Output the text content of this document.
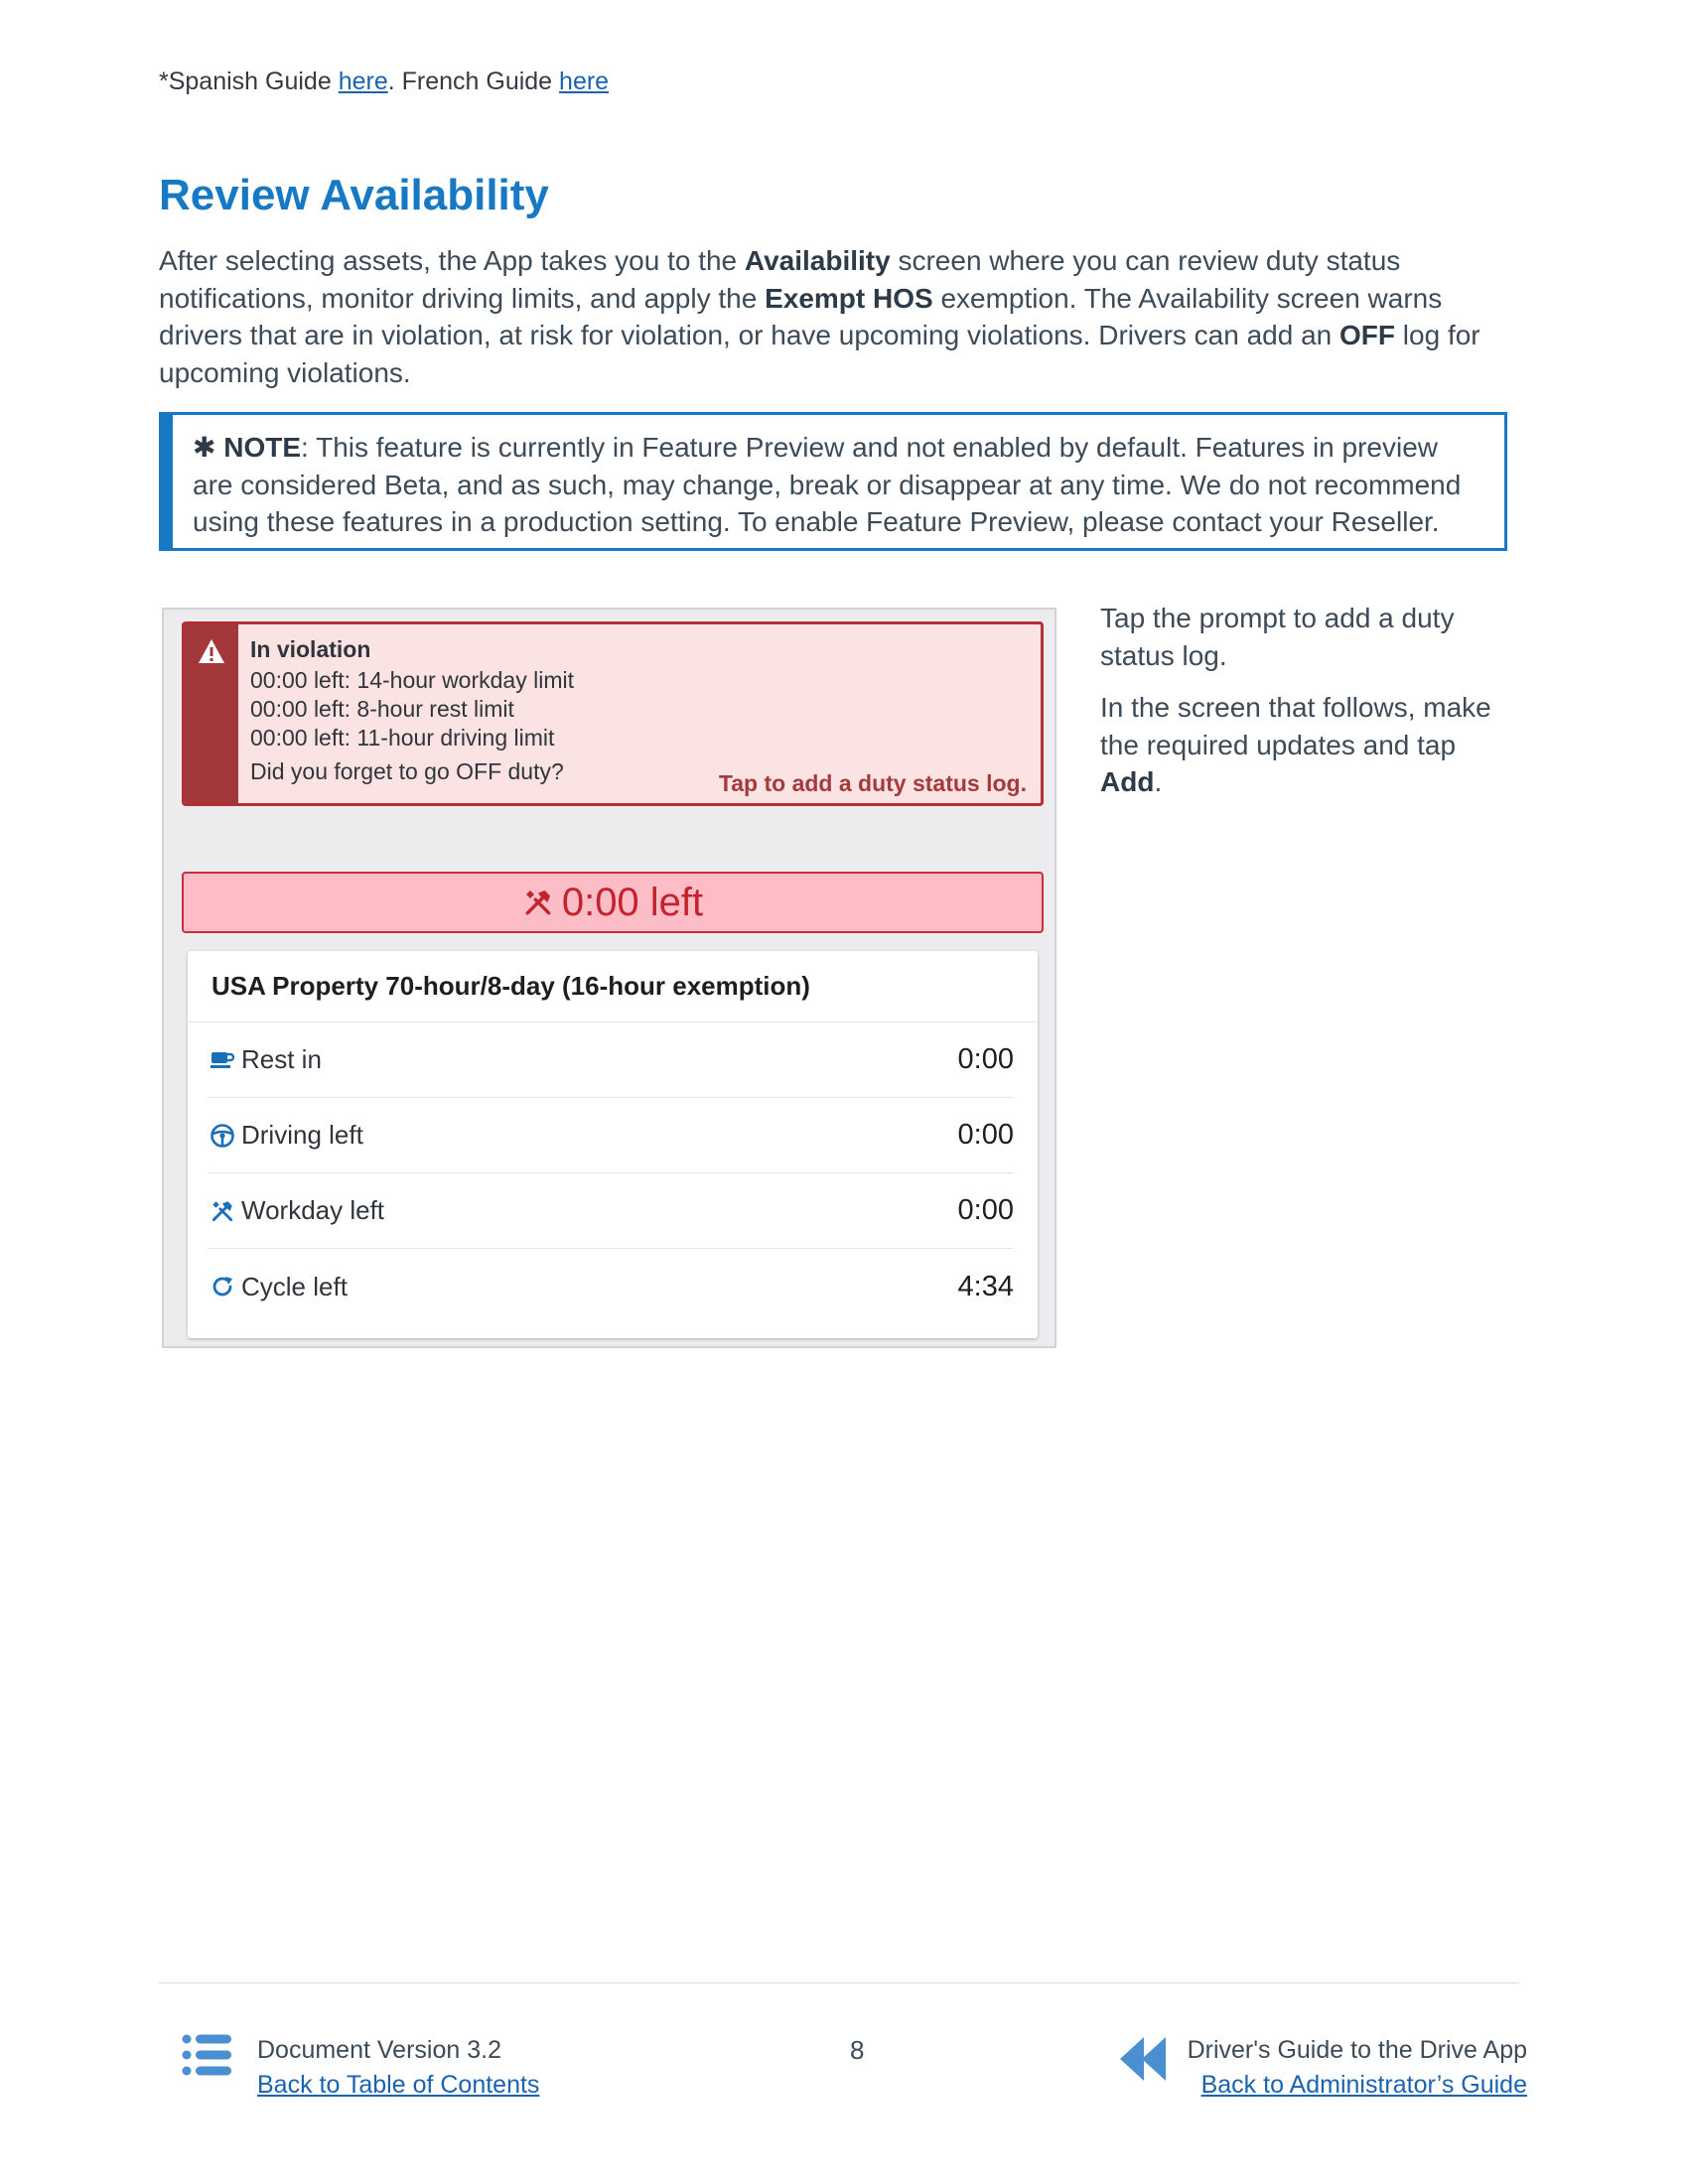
*Spanish Guide here. French Guide here
Review Availability

After selecting assets, the App takes you to the Availability screen where you can review duty status notifications, monitor driving limits, and apply the Exempt HOS exemption. The Availability screen warns drivers that are in violation, at risk for violation, or have upcoming violations. Drivers can add an OFF log for upcoming violations.

✱ NOTE: This feature is currently in Feature Preview and not enabled by default. Features in preview are considered Beta, and as such, may change, break or disappear at any time. We do not recommend using these features in a production setting. To enable Feature Preview, please contact your Reseller.
In violation
00:00 left: 14-hour workday limit
00:00 left: 8-hour rest limit
00:00 left: 11-hour driving limit
Did you forget to go OFF duty?	Tap to add a duty status log.
0:00 left
USA Property 70-hour/8-day (16-hour exemption)
Rest in	0:00
Driving left	0:00
Workday left	0:00
Cycle left	4:34

Tap the prompt to add a duty status log.

In the screen that follows, make the required updates and tap Add.

Document Version 3.2
Back to Table of Contents
8	Driver's Guide to the Drive App
Back to Administrator’s Guide
